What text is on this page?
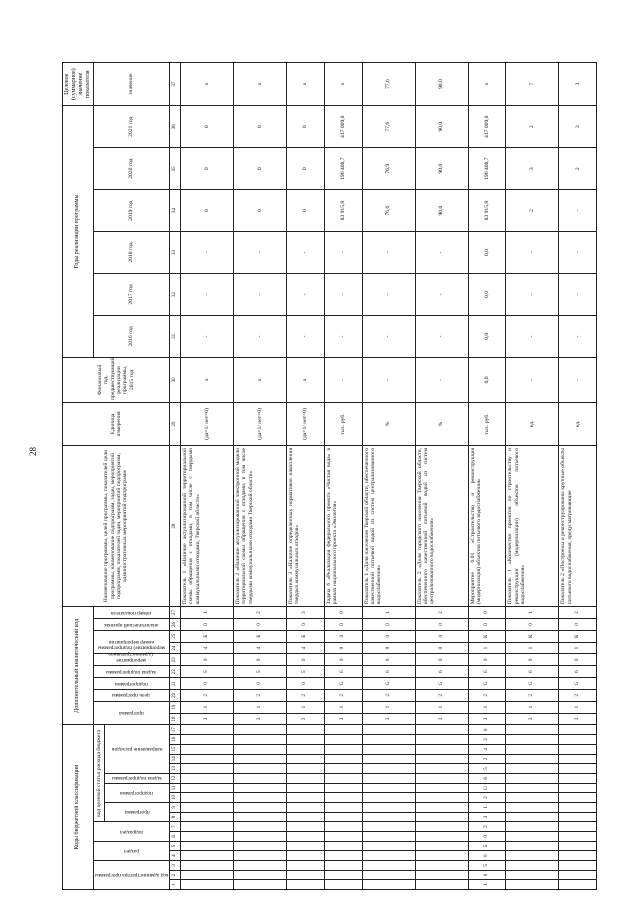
28
Коды бюджетной классификации																	Дополнительный аналитический код										Наименование программы, целей программы, показателей цели программы, наименование подпрограмм, задач, мероприятий подпрограмм, показателей задач, мероприятий подпрограмм, административных мероприятий подпрограмм	Единица измерения	Финансовый год, предшествующий реализации программы, 2015 год	Годы реализации программы						Целевое (суммарное) значение показателя

код администратора программы			раздел		подраздел		код целевой статьи расхода бюджета										программа		цель программы	подпрограмма	задача подпрограммы	мероприятие (административное мероприятие) подпрограммы	номер мероприятия		аналитический признак	номер показателя				2016 год	2017 год	2018 год	2019 год	2020 год	2021 год	значение

							программа		подпрограмма		задача подпрограммы	направление расходов																								

1	2	3	4	5	6	7	8	9	10	11	12	13	14	15	16	17	18	19	20	21	22	23	24	25	26	27	28	29	30	31	32	33	34	35	36	37
																	3	1	2	0	5	0	4	Б	0	1	Показатель 1 «Наличие актуализированной территориальной схемы обращения с отходами, в том числе с твердыми коммунальными отходами, Тверской области»	(да=1/ нет=0)	х	-	-	-	0	0	0	х
																	3	1	2	0	5	0	4	Б	0	2	Показатель 2 «Наличие актуализированной электронной модели территориальной схемы обращения с отходами, в том числе твердыми коммунальными отходами Тверской области»	(да=1/ нет=0)	х	-	-	-	0	0	0	х
																	3	1	2	0	5	0	4	Б	0	3	Показатель 3 «Наличие определенных нормативов накопления твердых коммунальных отходов»	(да=1/ нет=0)	х	-	-	-	0	0	0	х
																	3	1	2	G	6	0	0	0	0	0	Задача 6 «Реализация федерального проекта «Чистая вода» в рамках национального проекта «Экология»	тыс. руб.	-	-	-	-	83 915,8	196 408,7	417 009,0	х
																	3	1	2	G	6	0	0	0	0	1	Показатель 1 «Доля населения Тверской области, обеспеченного качественной питьевой водой из систем централизованного водоснабжения»	%	-	-	-	-	76,6	76,9	77,6	77,6
																	3	1	2	G	6	0	0	0	0	2	Показатель 2 «Доля городского населения Тверской области, обеспеченного качественной питьевой водой из систем централизованного водоснабжения»	%	-	-	-	-	90,0	90,0	90,0	90,0
1	0	5	0	5	0	2	3	1	2	G	6	5	2	4	3	0	3	1	2	G	6	0	1	К	0	0	Мероприятие 6.01 «Строительство и реконструкция (модернизация) объектов питьевого водоснабжения»	тыс. руб.	0,0	0,0	0,0	0,0	83 915,8	196 408,7	417 009,0	х
																	3	1	2	G	6	0	1	К	0	1	Показатель 1 «Количество проектов по строительству и реконструкции (модернизации) объектов питьевого водоснабжения»	ед.	-	-	-	-	2	3	2	7
																	3	1	2	G	6	0	1	К	0	2	Показатель 2 «Построены и реконструированы крупные объекты питьевого водоснабжения, предусматривающие	ед.	-	-	-	-	-	2	3	3
